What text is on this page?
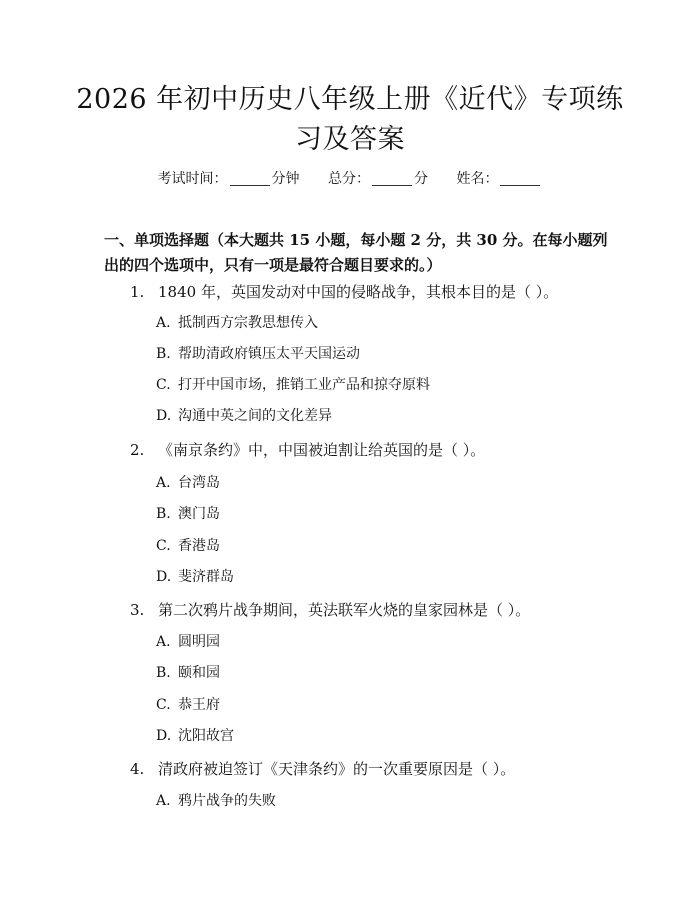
2026 年初中历史八年级上册《近代》专项练
习及答案
考试时间：	分钟 总分：	分 姓名：

一、单项选择题（本大题共 15 小题，每小题 2 分，共 30 分。在每小题列出的四个选项中，只有一项是最符合题目要求的。）

1. 1840 年，英国发动对中国的侵略战争，其根本目的是（ ）。
A. 抵制西方宗教思想传入
B. 帮助清政府镇压太平天国运动
C. 打开中国市场，推销工业产品和掠夺原料
D. 沟通中英之间的文化差异
2. 《南京条约》中，中国被迫割让给英国的是（ ）。
A. 台湾岛
B. 澳门岛
C. 香港岛
D. 斐济群岛
3. 第二次鸦片战争期间，英法联军火烧的皇家园林是（ ）。
A. 圆明园
B. 颐和园
C. 恭王府
D. 沈阳故宫
4. 清政府被迫签订《天津条约》的一次重要原因是（ ）。
A. 鸦片战争的失败
